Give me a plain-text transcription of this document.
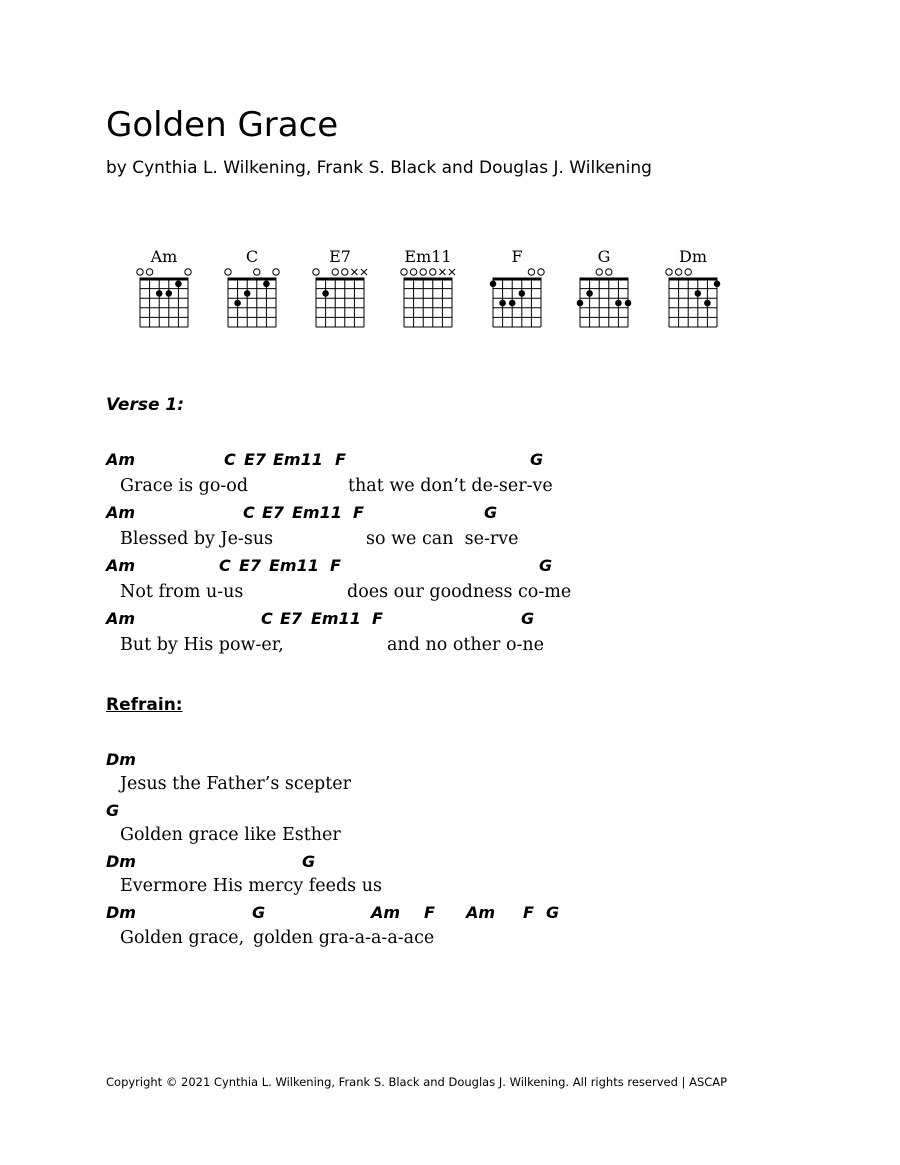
Golden Grace
by Cynthia L. Wilkening, Frank S. Black and Douglas J. Wilkening
Am	C	E7	Em11	F	G	Dm
Verse 1:
Am	C E7 Em11 F	G
Grace is go-od	that we don’t de-ser-ve
Am	C E7 Em11 F	G
Blessed by Je-sus	so we can  se-rve
Am	C E7 Em11 F	G
Not from u-us	does our goodness co-me
Am	C E7 Em11 F	G
But by His pow-er,	and no other o-ne
Refrain:
Dm
Jesus the Father’s scepter
G
Golden grace like Esther
Dm	G
Evermore His mercy feeds us
Dm	G	Am F Am F G
Golden grace, golden gra-a-a-a-ace
Copyright © 2021 Cynthia L. Wilkening, Frank S. Black and Douglas J. Wilkening. All rights reserved | ASCAP
